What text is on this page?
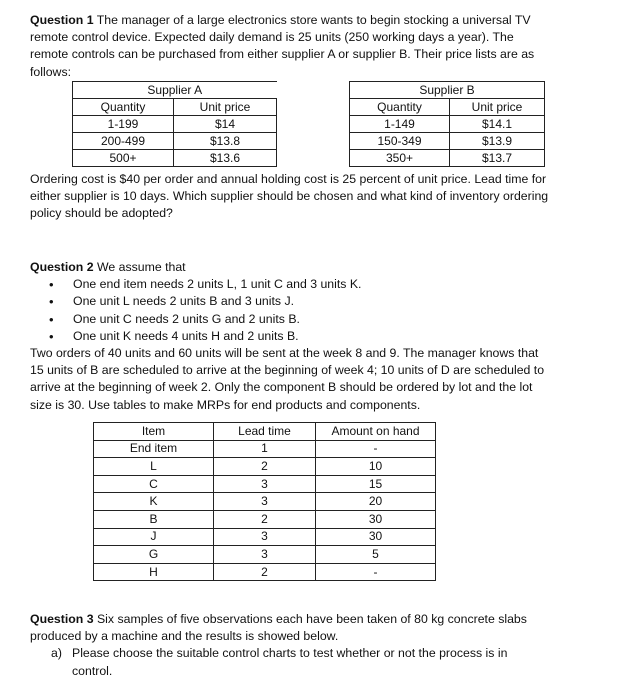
Question 1 The manager of a large electronics store wants to begin stocking a universal TV

remote control device. Expected daily demand is 25 units (250 working days a year). The

remote controls can be purchased from either supplier A or supplier B. Their price lists are as

follows:

Supplier A	
Quantity	Unit price
1-199	$14
200-499	$13.8
500+	$13.6
Supplier B	
Quantity	Unit price
1-149	$14.1
150-349	$13.9
350+	$13.7

Ordering cost is $40 per order and annual holding cost is 25 percent of unit price. Lead time for

either supplier is 10 days. Which supplier should be chosen and what kind of inventory ordering

policy should be adopted?

Question 2 We assume that

• One end item needs 2 units L, 1 unit C and 3 units K.
• One unit L needs 2 units B and 3 units J.
• One unit C needs 2 units G and 2 units B.
• One unit K needs 4 units H and 2 units B.

Two orders of 40 units and 60 units will be sent at the week 8 and 9. The manager knows that

15 units of B are scheduled to arrive at the beginning of week 4; 10 units of D are scheduled to

arrive at the beginning of week 2. Only the component B should be ordered by lot and the lot

size is 30. Use tables to make MRPs for end products and components.

Item	Lead time	Amount on hand
End item	1	-
L	2	10
C	3	15
K	3	20
B	2	30
J	3	30
G	3	5
H	2	-

Question 3 Six samples of five observations each have been taken of 80 kg concrete slabs

produced by a machine and the results is showed below.

a) Please choose the suitable control charts to test whether or not the process is in

control.
